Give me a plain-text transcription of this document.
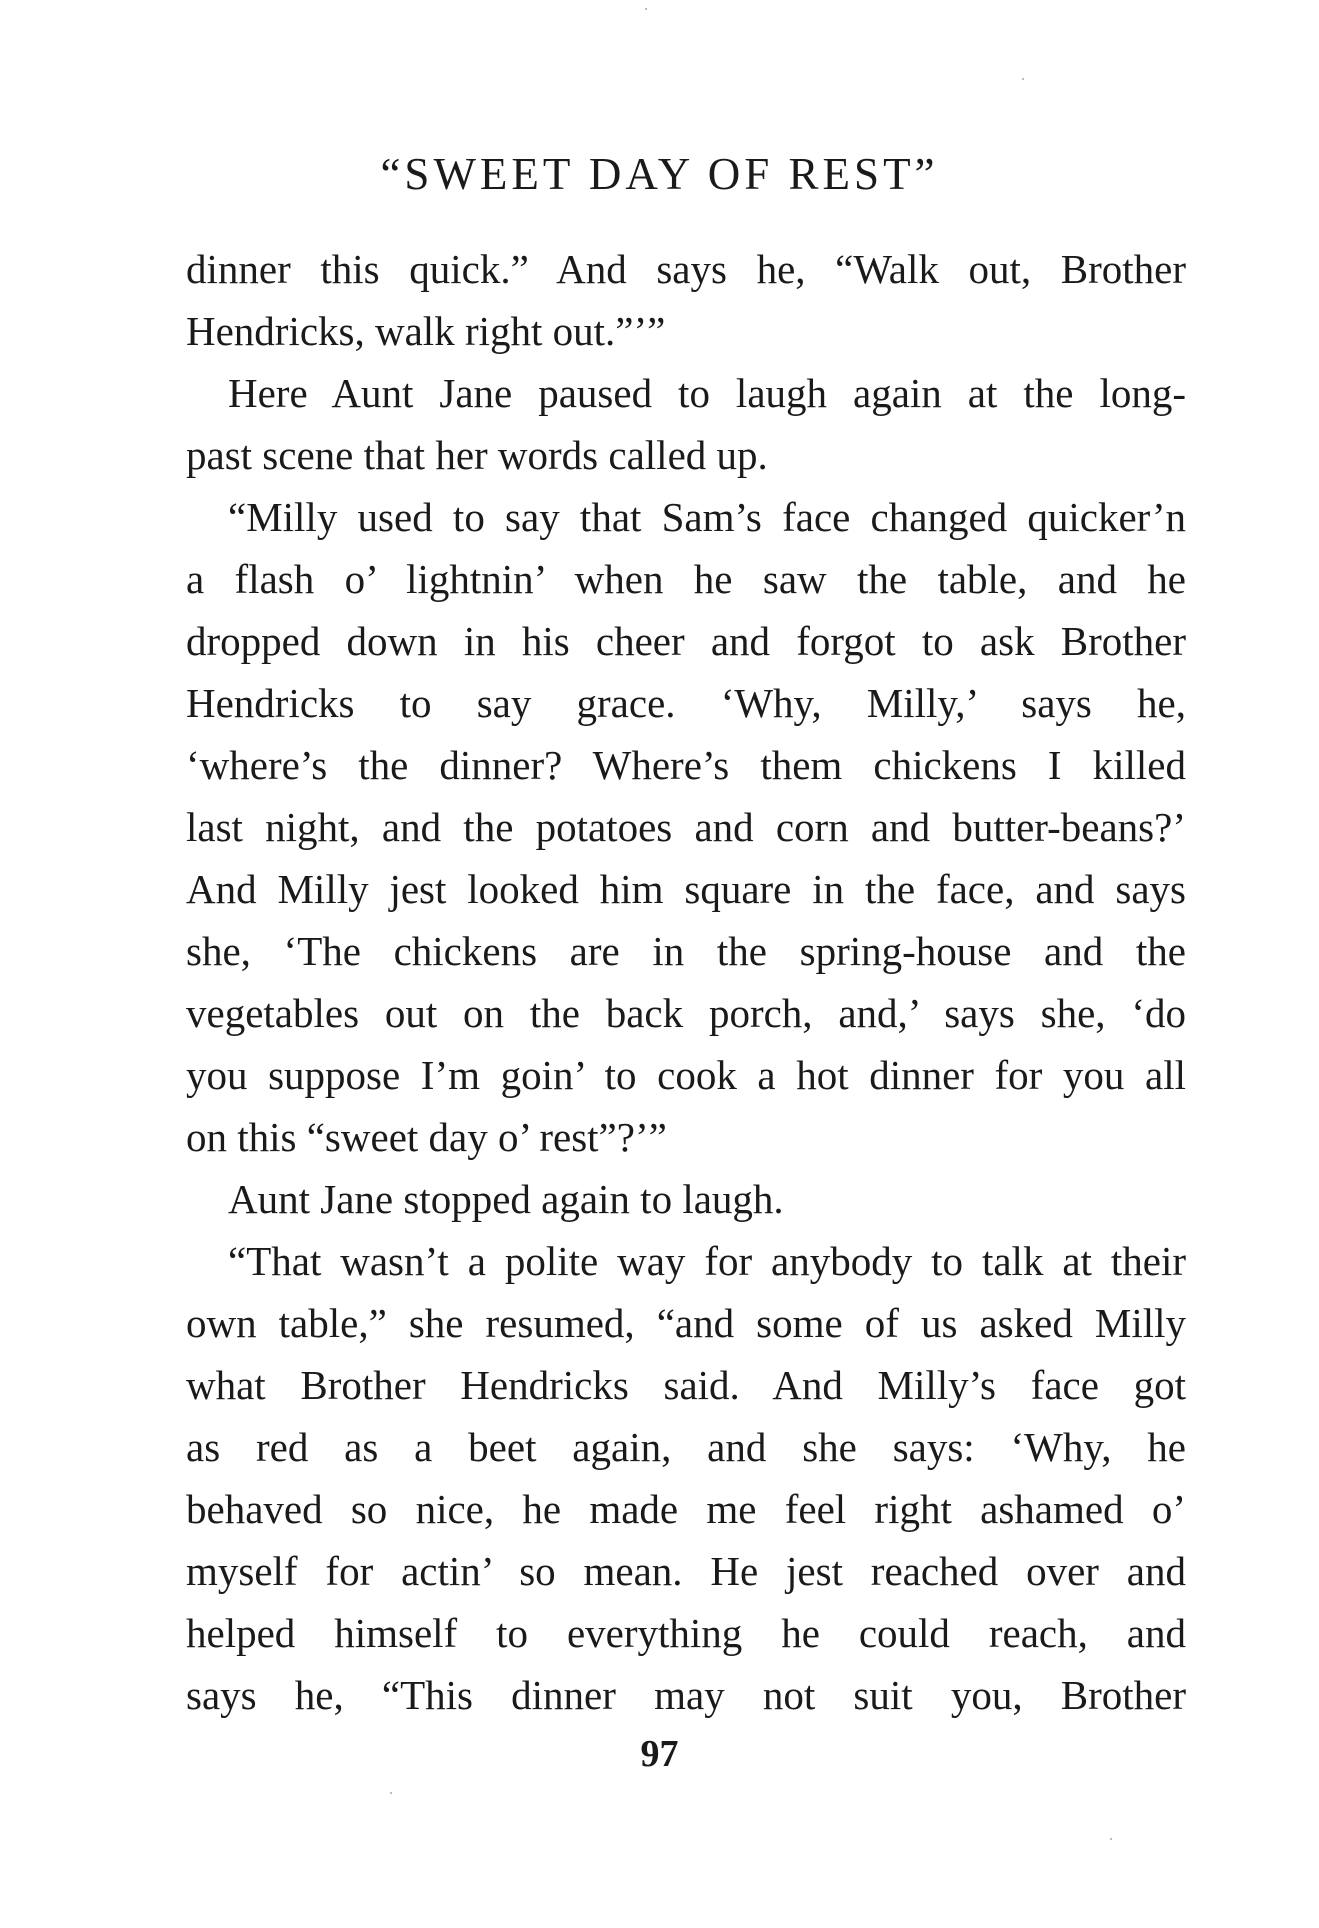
“SWEET DAY OF REST”
dinner this quick.” And says he, “Walk out, Brother
Hendricks, walk right out.”’”
Here Aunt Jane paused to laugh again at the long-
past scene that her words called up.
“Milly used to say that Sam’s face changed quicker’n
a flash o’ lightnin’ when he saw the table, and he
dropped down in his cheer and forgot to ask Brother
Hendricks to say grace. ‘Why, Milly,’ says he,
‘where’s the dinner? Where’s them chickens I killed
last night, and the potatoes and corn and butter-beans?’
And Milly jest looked him square in the face, and says
she, ‘The chickens are in the spring-house and the
vegetables out on the back porch, and,’ says she, ‘do
you suppose I’m goin’ to cook a hot dinner for you all
on this “sweet day o’ rest”?’”
Aunt Jane stopped again to laugh.
“That wasn’t a polite way for anybody to talk at their
own table,” she resumed, “and some of us asked Milly
what Brother Hendricks said. And Milly’s face got
as red as a beet again, and she says: ‘Why, he
behaved so nice, he made me feel right ashamed o’
myself for actin’ so mean. He jest reached over and
helped himself to everything he could reach, and
says he, “This dinner may not suit you, Brother
97
